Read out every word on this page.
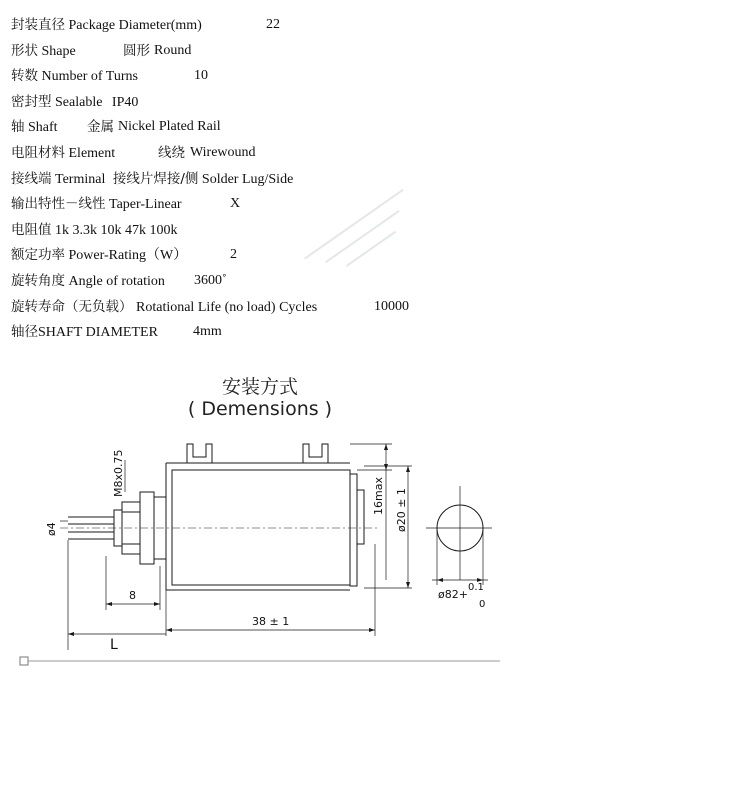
封装直径 Package Diameter(mm)	22
形状 Shape	圆形 Round
转数 Number of Turns	10
密封型 Sealable IP40
轴 Shaft 金属 Nickel Plated Rail
电阻材料 Element	线绕 Wirewound
接线端 Terminal 接线片焊接/侧 Solder Lug/Side
输出特性－线性 Taper-Linear	X
电阻值 1k 3.3k 10k 47k 100k
额定功率 Power-Rating（W）	2
旋转角度 Angle of rotation 3600˚
旋转寿命（无负载） Rotational Life (no load) Cycles	10000
轴径SHAFT DIAMETER	4mm
安装方式
( Demensions )
M8x0.75
ø4
8
38 ± 1
L
16max ø20 ± 1
ø82+
0.1
0
